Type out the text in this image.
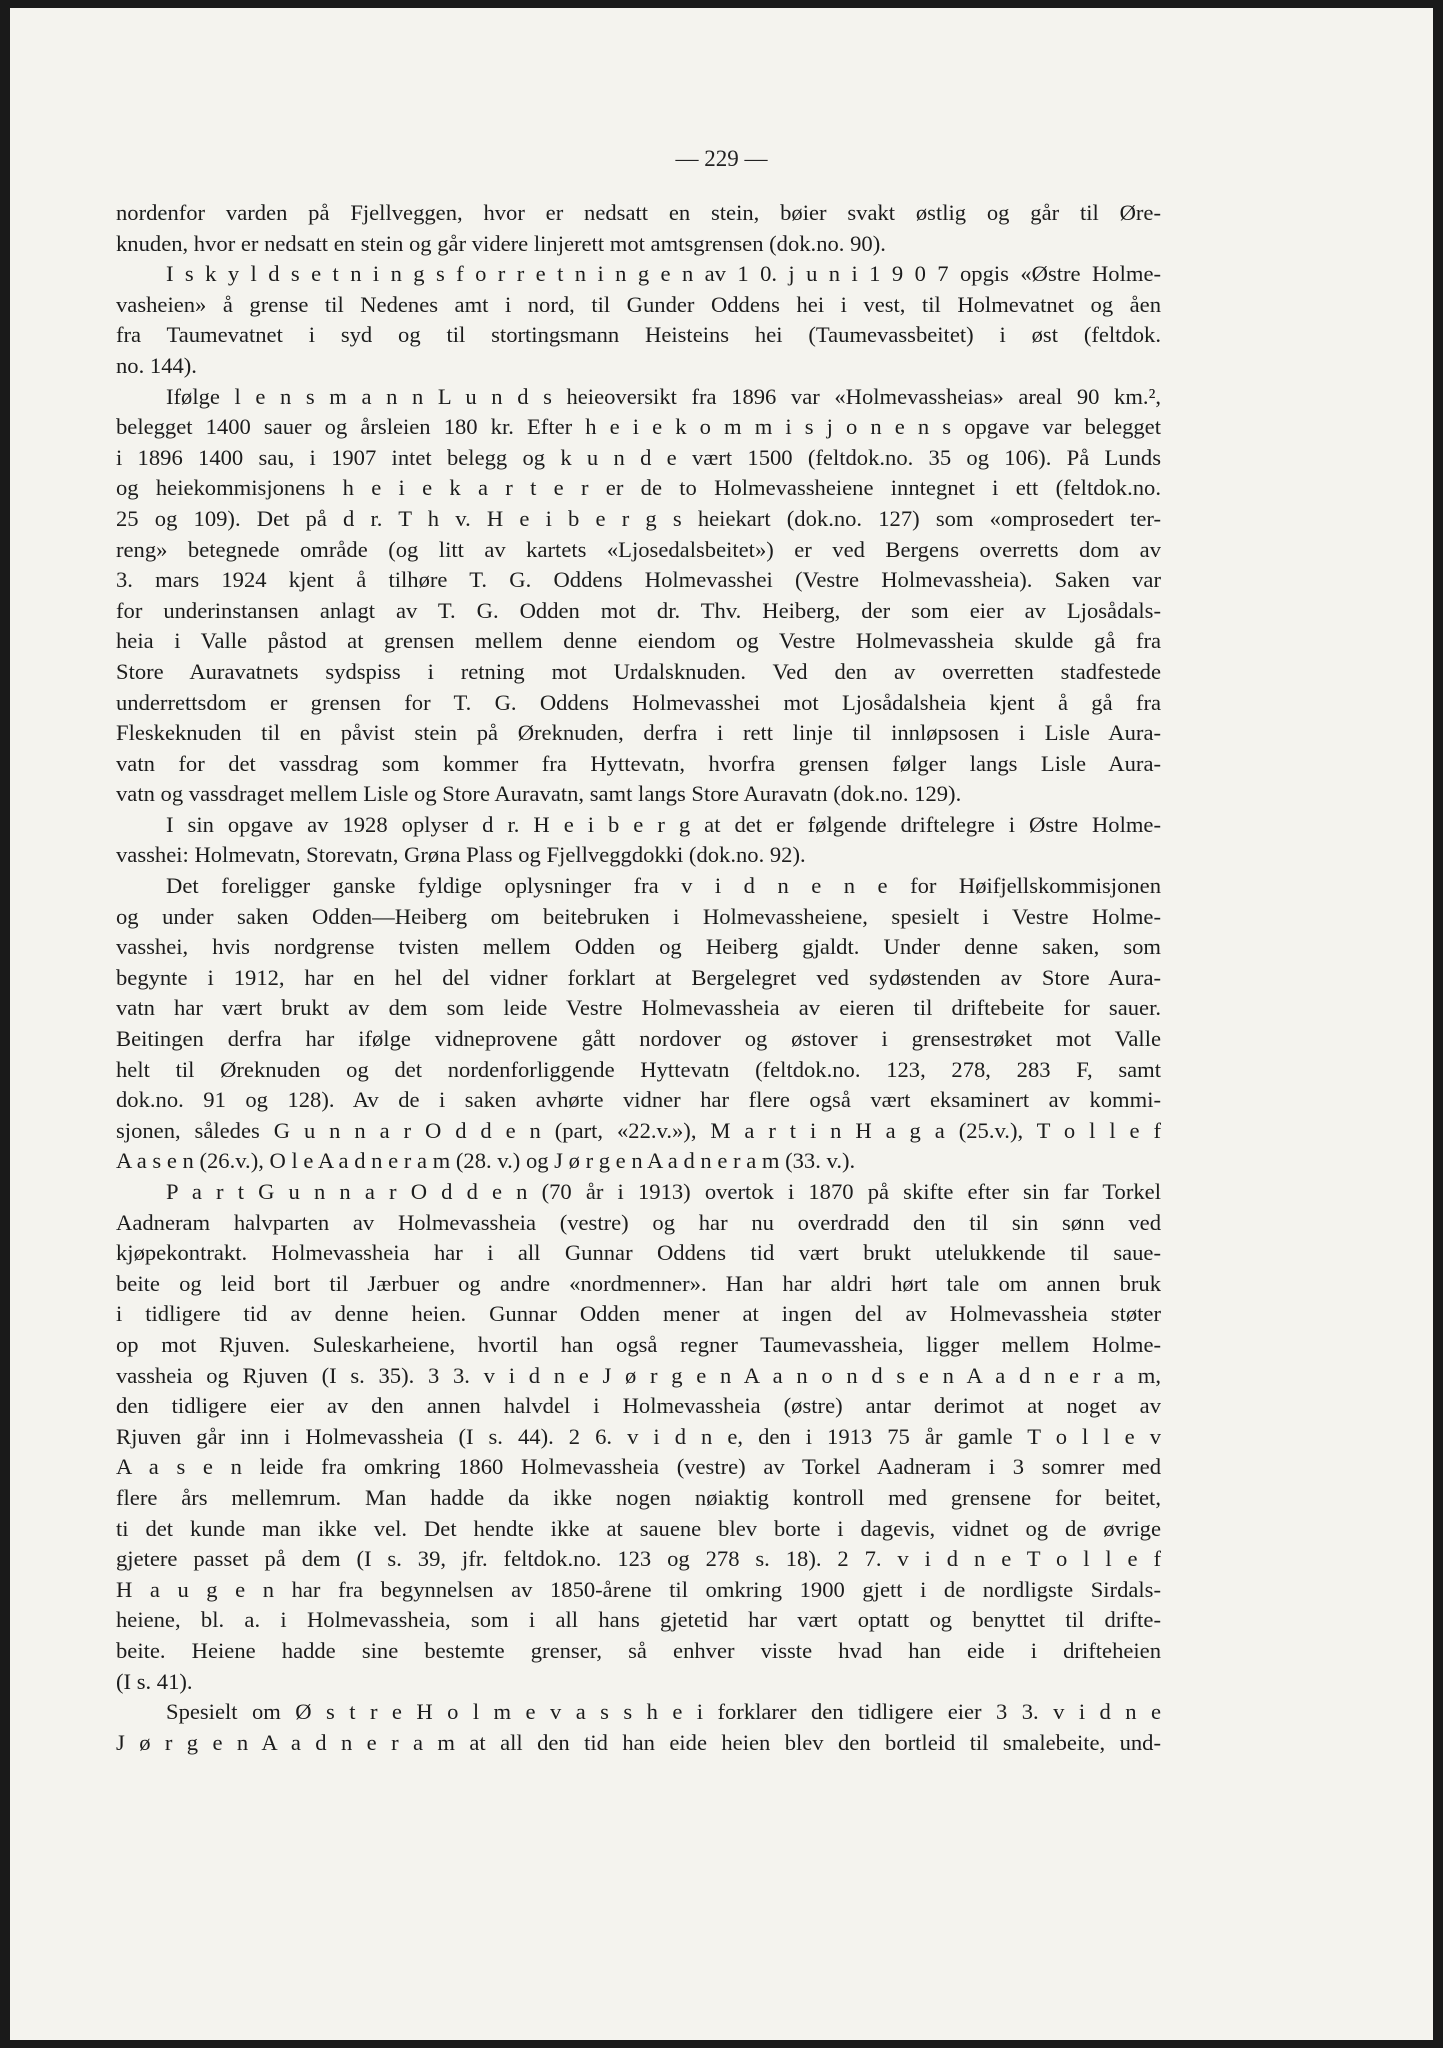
— 229 —
nordenfor varden på Fjellveggen, hvor er nedsatt en stein, bøier svakt østlig og går til Øre-
knuden, hvor er nedsatt en stein og går videre linjerett mot amtsgrensen (dok.no. 90).
I s k y l d s e t n i n g s f o r r e t n i n g e n av 1 0. j u n i 1 9 0 7 opgis «Østre Holme-
vasheien» å grense til Nedenes amt i nord, til Gunder Oddens hei i vest, til Holmevatnet og åen
fra Taumevatnet i syd og til stortingsmann Heisteins hei (Taumevassbeitet) i øst (feltdok.
no. 144).
Ifølge l e n s m a n n L u n d s heieoversikt fra 1896 var «Holmevassheias» areal 90 km.²,
belegget 1400 sauer og årsleien 180 kr. Efter h e i e k o m m i s j o n e n s opgave var belegget
i 1896 1400 sau, i 1907 intet belegg og k u n d e vært 1500 (feltdok.no. 35 og 106). På Lunds
og heiekommisjonens h e i e k a r t e r er de to Holmevassheiene inntegnet i ett (feltdok.no.
25 og 109). Det på d r. T h v. H e i b e r g s heiekart (dok.no. 127) som «omprosedert ter-
reng» betegnede område (og litt av kartets «Ljosedalsbeitet») er ved Bergens overretts dom av
3. mars 1924 kjent å tilhøre T. G. Oddens Holmevasshei (Vestre Holmevassheia). Saken var
for underinstansen anlagt av T. G. Odden mot dr. Thv. Heiberg, der som eier av Ljosådals-
heia i Valle påstod at grensen mellem denne eiendom og Vestre Holmevassheia skulde gå fra
Store Auravatnets sydspiss i retning mot Urdalsknuden. Ved den av overretten stadfestede
underrettsdom er grensen for T. G. Oddens Holmevasshei mot Ljosådalsheia kjent å gå fra
Fleskeknuden til en påvist stein på Øreknuden, derfra i rett linje til innløpsosen i Lisle Aura-
vatn for det vassdrag som kommer fra Hyttevatn, hvorfra grensen følger langs Lisle Aura-
vatn og vassdraget mellem Lisle og Store Auravatn, samt langs Store Auravatn (dok.no. 129).
I sin opgave av 1928 oplyser d r. H e i b e r g at det er følgende driftelegre i Østre Holme-
vasshei: Holmevatn, Storevatn, Grøna Plass og Fjellveggdokki (dok.no. 92).
Det foreligger ganske fyldige oplysninger fra v i d n e n e for Høifjellskommisjonen
og under saken Odden—Heiberg om beitebruken i Holmevassheiene, spesielt i Vestre Holme-
vasshei, hvis nordgrense tvisten mellem Odden og Heiberg gjaldt. Under denne saken, som
begynte i 1912, har en hel del vidner forklart at Bergelegret ved sydøstenden av Store Aura-
vatn har vært brukt av dem som leide Vestre Holmevassheia av eieren til driftebeite for sauer.
Beitingen derfra har ifølge vidneprovene gått nordover og østover i grensestrøket mot Valle
helt til Øreknuden og det nordenforliggende Hyttevatn (feltdok.no. 123, 278, 283 F, samt
dok.no. 91 og 128). Av de i saken avhørte vidner har flere også vært eksaminert av kommi-
sjonen, således G u n n a r O d d e n (part, «22.v.»), M a r t i n H a g a (25.v.), T o l l e f
A a s e n (26.v.), O l e A a d n e r a m (28. v.) og J ø r g e n A a d n e r a m (33. v.).
P a r t G u n n a r O d d e n (70 år i 1913) overtok i 1870 på skifte efter sin far Torkel
Aadneram halvparten av Holmevassheia (vestre) og har nu overdradd den til sin sønn ved
kjøpekontrakt. Holmevassheia har i all Gunnar Oddens tid vært brukt utelukkende til saue-
beite og leid bort til Jærbuer og andre «nordmenner». Han har aldri hørt tale om annen bruk
i tidligere tid av denne heien. Gunnar Odden mener at ingen del av Holmevassheia støter
op mot Rjuven. Suleskarheiene, hvortil han også regner Taumevassheia, ligger mellem Holme-
vassheia og Rjuven (I s. 35). 3 3. v i d n e J ø r g e n A a n o n d s e n A a d n e r a m,
den tidligere eier av den annen halvdel i Holmevassheia (østre) antar derimot at noget av
Rjuven går inn i Holmevassheia (I s. 44). 2 6. v i d n e, den i 1913 75 år gamle T o l l e v
A a s e n leide fra omkring 1860 Holmevassheia (vestre) av Torkel Aadneram i 3 somrer med
flere års mellemrum. Man hadde da ikke nogen nøiaktig kontroll med grensene for beitet,
ti det kunde man ikke vel. Det hendte ikke at sauene blev borte i dagevis, vidnet og de øvrige
gjetere passet på dem (I s. 39, jfr. feltdok.no. 123 og 278 s. 18). 2 7. v i d n e T o l l e f
H a u g e n har fra begynnelsen av 1850-årene til omkring 1900 gjett i de nordligste Sirdals-
heiene, bl. a. i Holmevassheia, som i all hans gjetetid har vært optatt og benyttet til drifte-
beite. Heiene hadde sine bestemte grenser, så enhver visste hvad han eide i drifteheien
(I s. 41).
Spesielt om Ø s t r e H o l m e v a s s h e i forklarer den tidligere eier 3 3. v i d n e
J ø r g e n A a d n e r a m at all den tid han eide heien blev den bortleid til smalebeite, und-
